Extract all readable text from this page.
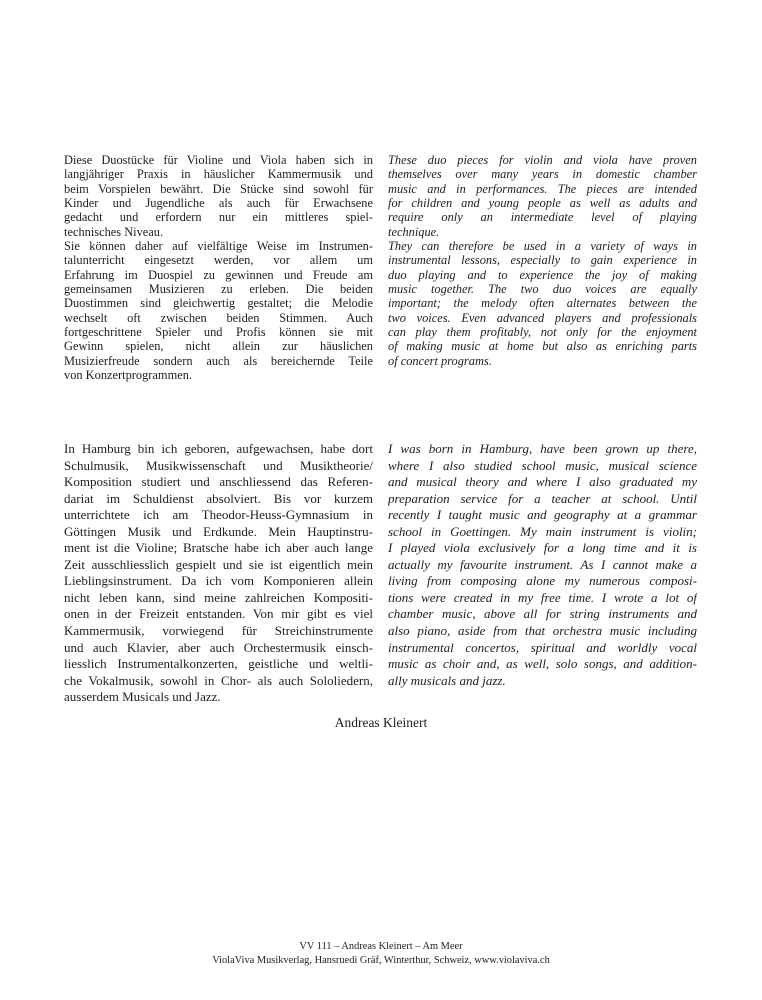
Diese Duostücke für Violine und Viola haben sich in
langjähriger Praxis in häuslicher Kammermusik und
beim Vorspielen bewährt. Die Stücke sind sowohl für
Kinder und Jugendliche als auch für Erwachsene
gedacht und erfordern nur ein mittleres spiel-
technisches Niveau.
Sie können daher auf vielfältige Weise im Instrumen-
talunterricht eingesetzt werden, vor allem um
Erfahrung im Duospiel zu gewinnen und Freude am
gemeinsamen Musizieren zu erleben. Die beiden
Duostimmen sind gleichwertig gestaltet; die Melodie
wechselt oft zwischen beiden Stimmen. Auch
fortgeschrittene Spieler und Profis können sie mit
Gewinn spielen, nicht allein zur häuslichen
Musizierfreude sondern auch als bereichernde Teile
von Konzertprogrammen.
These duo pieces for violin and viola have proven
themselves over many years in domestic chamber
music and in performances. The pieces are intended
for children and young people as well as adults and
require only an intermediate level of playing
technique.
They can therefore be used in a variety of ways in
instrumental lessons, especially to gain experience in
duo playing and to experience the joy of making
music together. The two duo voices are equally
important; the melody often alternates between the
two voices. Even advanced players and professionals
can play them profitably, not only for the enjoyment
of making music at home but also as enriching parts
of concert programs.
In Hamburg bin ich geboren, aufgewachsen, habe dort
Schulmusik, Musikwissenschaft und Musiktheorie/
Komposition studiert und anschliessend das Referen-
dariat im Schuldienst absolviert. Bis vor kurzem
unterrichtete ich am Theodor-Heuss-Gymnasium in
Göttingen Musik und Erdkunde. Mein Hauptinstru-
ment ist die Violine; Bratsche habe ich aber auch lange
Zeit ausschliesslich gespielt und sie ist eigentlich mein
Lieblingsinstrument. Da ich vom Komponieren allein
nicht leben kann, sind meine zahlreichen Kompositi-
onen in der Freizeit entstanden. Von mir gibt es viel
Kammermusik, vorwiegend für Streichinstrumente
und auch Klavier, aber auch Orchestermusik einsch-
liesslich Instrumentalkonzerten, geistliche und weltli-
che Vokalmusik, sowohl in Chor- als auch Sololiedern,
ausserdem Musicals und Jazz.
I was born in Hamburg, have been grown up there,
where I also studied school music, musical science
and musical theory and where I also graduated my
preparation service for a teacher at school. Until
recently I taught music and geography at a grammar
school in Goettingen. My main instrument is violin;
I played viola exclusively for a long time and it is
actually my favourite instrument. As I cannot make a
living from composing alone my numerous composi-
tions were created in my free time. I wrote a lot of
chamber music, above all for string instruments and
also piano, aside from that orchestra music including
instrumental concertos, spiritual and worldly vocal
music as choir and, as well, solo songs, and addition-
ally musicals and jazz.
Andreas Kleinert
VV 111 – Andreas Kleinert – Am Meer
ViolaViva Musikverlag, Hansruedi Gräf, Winterthur, Schweiz, www.violaviva.ch
